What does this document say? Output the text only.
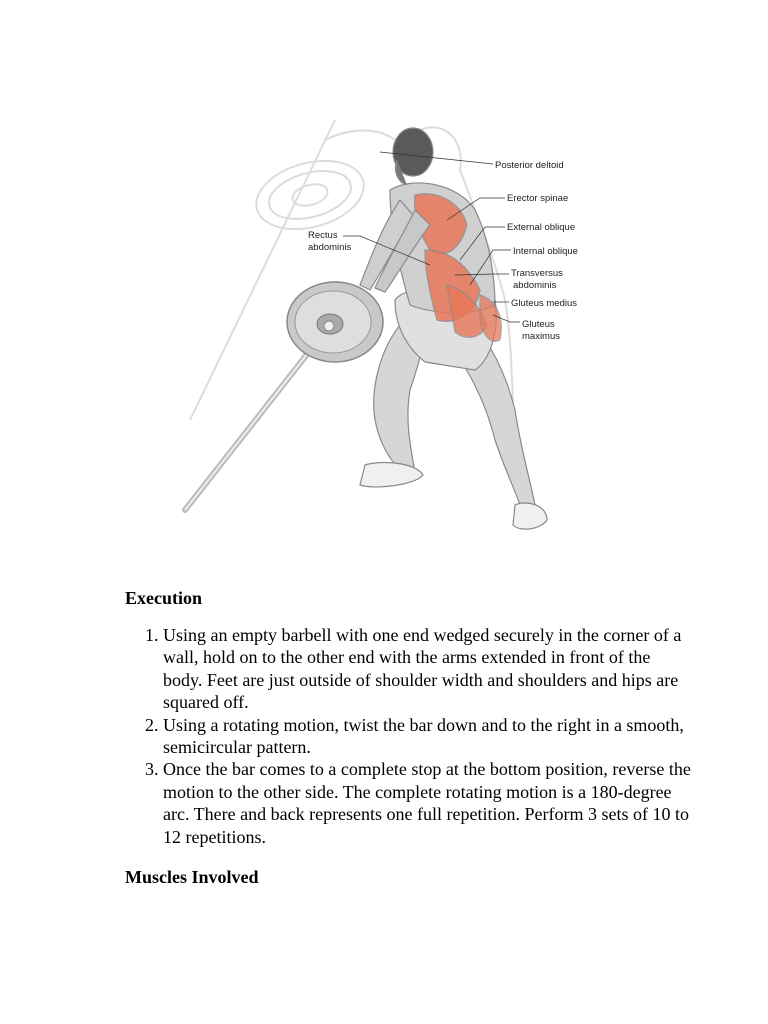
Posterior deltoid
Erector spinae
External oblique
Internal oblique
Transversus
abdominis
Gluteus medius
Gluteus
maximus
Rectus
abdominis
Execution
1. Using an empty barbell with one end wedged securely in the corner of a wall, hold on to the other end with the arms extended in front of the body. Feet are just outside of shoulder width and shoulders and hips are squared off.
2. Using a rotating motion, twist the bar down and to the right in a smooth, semicircular pattern.
3. Once the bar comes to a complete stop at the bottom position, reverse the motion to the other side. The complete rotating motion is a 180-degree arc. There and back represents one full repetition. Perform 3 sets of 10 to 12 repetitions.
Muscles Involved
